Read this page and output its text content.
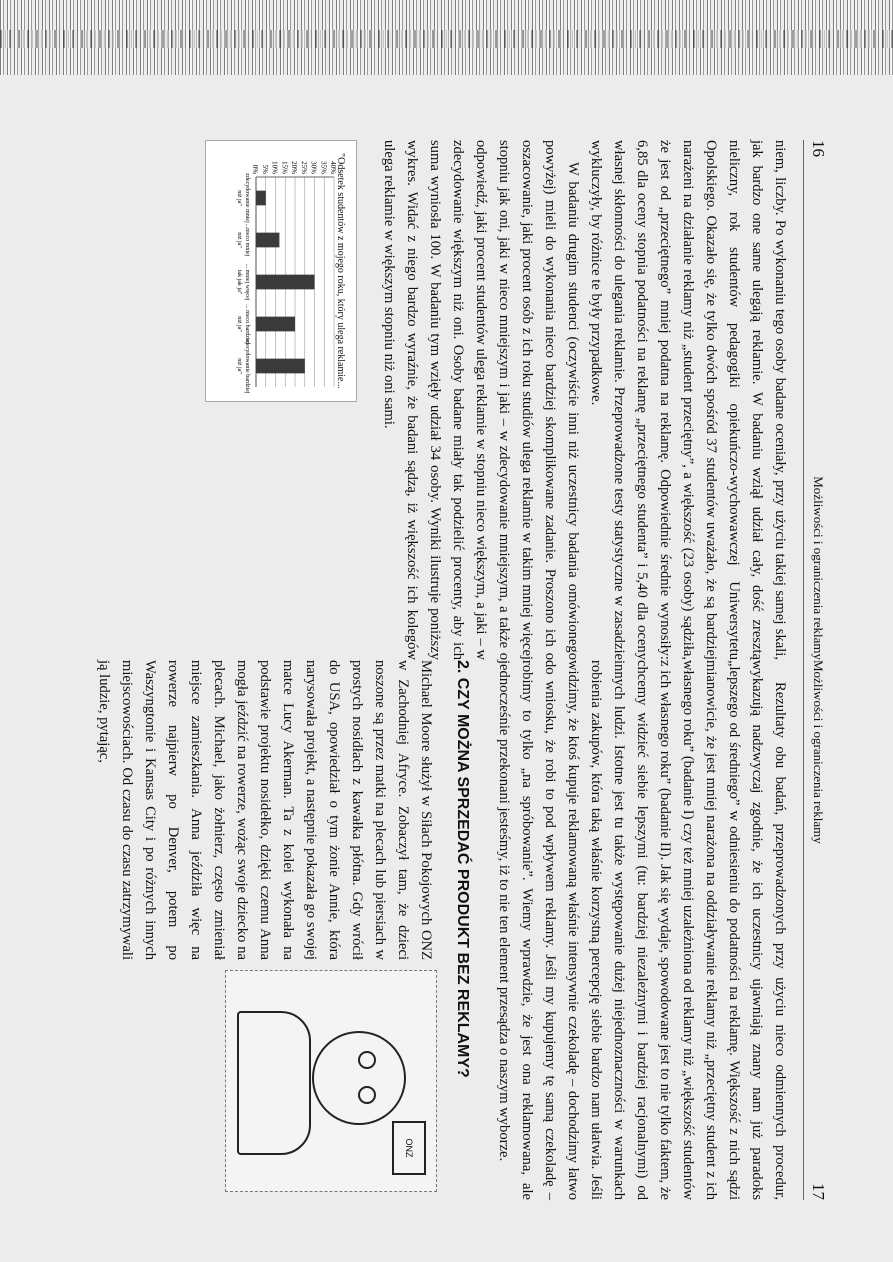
16
Możliwości i ograniczenia reklamy

niem, liczby. Po wykonaniu tego osoby badane oceniały, przy użyciu takiej samej skali, jak bardzo one same ulegają reklamie. W badaniu wziął udział cały, dość zresztą nieliczny, rok studentów pedagogiki opiekuńczo-wychowawczej Uniwersytetu Opolskiego. Okazało się, że tylko dwóch spośród 37 studentów uważało, że są bardziej narażeni na działanie reklamy niż „student przeciętny”, a większość (23 osoby) sądziła, że jest od „przeciętnego” mniej podatna na reklamę. Odpowiednie średnie wynosiły: 6,85 dla oceny stopnia podatności na reklamę „przeciętnego studenta” i 5,40 dla oceny własnej skłonności do ulegania reklamie. Przeprowadzone testy statystyczne w zasadzie wykluczyły, by różnice te były przypadkowe.

W badaniu drugim studenci (oczywiście inni niż uczestnicy badania omówionego powyżej) mieli do wykonania nieco bardziej skomplikowane zadanie. Proszono ich o oszacowanie, jaki procent osób z ich roku studiów ulega reklamie w takim mniej więcej stopniu jak oni, jaki w nieco mniejszym i jaki – w zdecydowanie mniejszym, a także o odpowiedź, jaki procent studentów ulega reklamie w stopniu nieco większym, a jaki – w zdecydowanie większym niż oni. Osoby badane miały tak podzielić procenty, aby ich suma wyniosła 100. W badaniu tym wzięły udział 34 osoby. Wyniki ilustruje poniższy wykres. Widać z niego bardzo wyraźnie, że badani sądzą, iż większość ich kolegów ulega reklamie w większym stopniu niż oni sami.

"Odsetek studentów z mojego roku, który ulega reklamie...
0% 5% 10% 15% 20% 25% 30% 35% 40%
zdecydowanie mniejniż ja"
...nieco mniejniż ja"
... mniej więcejtak jak ja"
... nieco bardziejniż ja"
zdecydowanie bardziejniż ja"
Możliwości i ograniczenia reklamy
17

Rezultaty obu badań, przeprowadzonych przy użyciu nieco odmiennych procedur, wykazują nadzwyczaj zgodnie, że ich uczestnicy ujawniają znany nam już paradoks „lepszego od średniego” w odniesieniu do podatności na reklamę. Większość z nich sądzi mianowicie, że jest mniej narażona na oddziaływanie reklamy niż „przeciętny student z ich własnego roku” (badanie I) czy też mniej uzależniona od reklamy niż „większość studentów z ich własnego roku” (badanie II). Jak się wydaje, spowodowane jest to nie tylko faktem, że chcemy widzieć siebie lepszymi (tu: bardziej niezależnymi i bardziej racjonalnymi) od innych ludzi. Istotne jest tu także występowanie dużej niejednoznaczności w warunkach robienia zakupów, która taką właśnie korzystną percepcję siebie bardzo nam ułatwia. Jeśli widzimy, że ktoś kupuje reklamowaną właśnie intensywnie czekoladę – dochodzimy łatwo do wniosku, że robi to pod wpływem reklamy. Jeśli my kupujemy tę samą czekoladę – robimy to tylko „na spróbowanie”. Wiemy wprawdzie, że jest ona reklamowana, ale jednocześnie przekonani jesteśmy, iż to nie ten element przesądza o naszym wyborze.

2. CZY MOŻNA SPRZEDAĆ PRODUKT BEZ REKLAMY?

Michael Moore służył w Siłach Pokojowych ONZ w Zachodniej Afryce. Zobaczył tam, że dzieci noszone są przez matki na plecach lub piersiach w prostych nosidłach z kawałka płótna. Gdy wrócił do USA, opowiedział o tym żonie Annie, która narysowała projekt, a następnie pokazała go swojej matce Lucy Akerman. Ta z kolei wykonała na podstawie projektu nosidełko, dzięki czemu Anna mogła jeździć na rowerze, wożąc swoje dziecko na plecach. Michael, jako żołnierz, często zmieniał miejsce zamieszkania. Anna jeździła więc na rowerze najpierw po Denver, potem po Waszyngtonie i Kansas City i po różnych innych miejscowościach. Od czasu do czasu zatrzymywali ją ludzie, pytając,

ONZ
